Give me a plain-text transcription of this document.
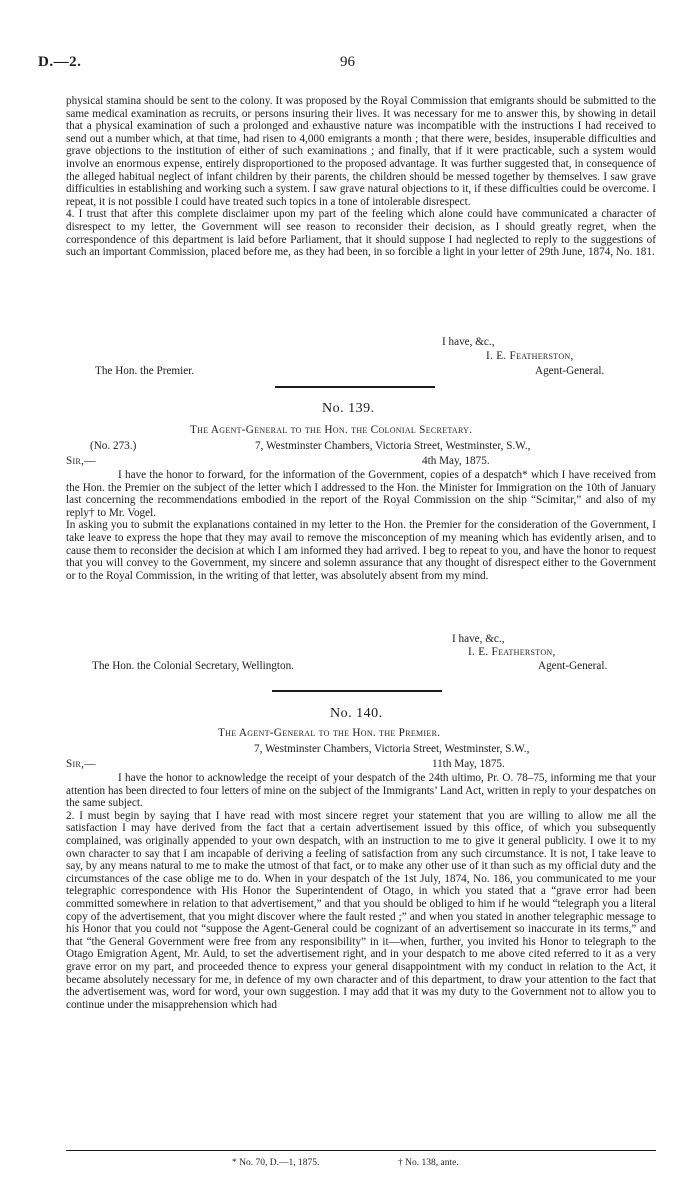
D.—2.	96

physical stamina should be sent to the colony. It was proposed by the Royal Commission that emigrants should be submitted to the same medical examination as recruits, or persons insuring their lives. It was necessary for me to answer this, by showing in detail that a physical examination of such a prolonged and exhaustive nature was incompatible with the instructions I had received to send out a number which, at that time, had risen to 4,000 emigrants a month ; that there were, besides, insuperable difficulties and grave objections to the institution of either of such examinations ; and finally, that if it were practicable, such a system would involve an enormous expense, entirely disproportioned to the proposed advantage. It was further suggested that, in consequence of the alleged habitual neglect of infant children by their parents, the children should be messed together by themselves. I saw grave difficulties in establishing and working such a system. I saw grave natural objections to it, if these difficulties could be overcome. I repeat, it is not possible I could have treated such topics in a tone of intolerable disrespect.

4. I trust that after this complete disclaimer upon my part of the feeling which alone could have communicated a character of disrespect to my letter, the Government will see reason to reconsider their decision, as I should greatly regret, when the correspondence of this department is laid before Parliament, that it should suppose I had neglected to reply to the suggestions of such an important Commission, placed before me, as they had been, in so forcible a light in your letter of 29th June, 1874, No. 181.

I have, &c.,
I. E. Featherston,
The Hon. the Premier.	Agent-General.
No. 139.
The Agent-General to the Hon. the Colonial Secretary.
(No. 273.)	7, Westminster Chambers, Victoria Street, Westminster, S.W.,
Sir,—	4th May, 1875.

I have the honor to forward, for the information of the Government, copies of a despatch* which I have received from the Hon. the Premier on the subject of the letter which I addressed to the Hon. the Minister for Immigration on the 10th of January last concerning the recommendations embodied in the report of the Royal Commission on the ship “Scimitar,” and also of my reply† to Mr. Vogel.

In asking you to submit the explanations contained in my letter to the Hon. the Premier for the consideration of the Government, I take leave to express the hope that they may avail to remove the misconception of my meaning which has evidently arisen, and to cause them to reconsider the decision at which I am informed they had arrived. I beg to repeat to you, and have the honor to request that you will convey to the Government, my sincere and solemn assurance that any thought of disrespect either to the Government or to the Royal Commission, in the writing of that letter, was absolutely absent from my mind.

I have, &c.,
I. E. Featherston,
The Hon. the Colonial Secretary, Wellington.	Agent-General.
No. 140.
The Agent-General to the Hon. the Premier.
7, Westminster Chambers, Victoria Street, Westminster, S.W.,
Sir,—	11th May, 1875.

I have the honor to acknowledge the receipt of your despatch of the 24th ultimo, Pr. O. 78–75, informing me that your attention has been directed to four letters of mine on the subject of the Immigrants’ Land Act, written in reply to your despatches on the same subject.

2. I must begin by saying that I have read with most sincere regret your statement that you are willing to allow me all the satisfaction I may have derived from the fact that a certain advertisement issued by this office, of which you subsequently complained, was originally appended to your own despatch, with an instruction to me to give it general publicity. I owe it to my own character to say that I am incapable of deriving a feeling of satisfaction from any such circumstance. It is not, I take leave to say, by any means natural to me to make the utmost of that fact, or to make any other use of it than such as my official duty and the circumstances of the case oblige me to do. When in your despatch of the 1st July, 1874, No. 186, you communicated to me your telegraphic correspondence with His Honor the Superintendent of Otago, in which you stated that a “grave error had been committed somewhere in relation to that advertisement,” and that you should be obliged to him if he would “telegraph you a literal copy of the advertisement, that you might discover where the fault rested ;” and when you stated in another telegraphic message to his Honor that you could not “suppose the Agent-General could be cognizant of an advertisement so inaccurate in its terms,” and that “the General Government were free from any responsibility” in it—when, further, you invited his Honor to telegraph to the Otago Emigration Agent, Mr. Auld, to set the advertisement right, and in your despatch to me above cited referred to it as a very grave error on my part, and proceeded thence to express your general disappointment with my conduct in relation to the Act, it became absolutely necessary for me, in defence of my own character and of this department, to draw your attention to the fact that the advertisement was, word for word, your own suggestion. I may add that it was my duty to the Government not to allow you to continue under the misapprehension which had

* No. 70, D.—1, 1875.	† No. 138, ante.
